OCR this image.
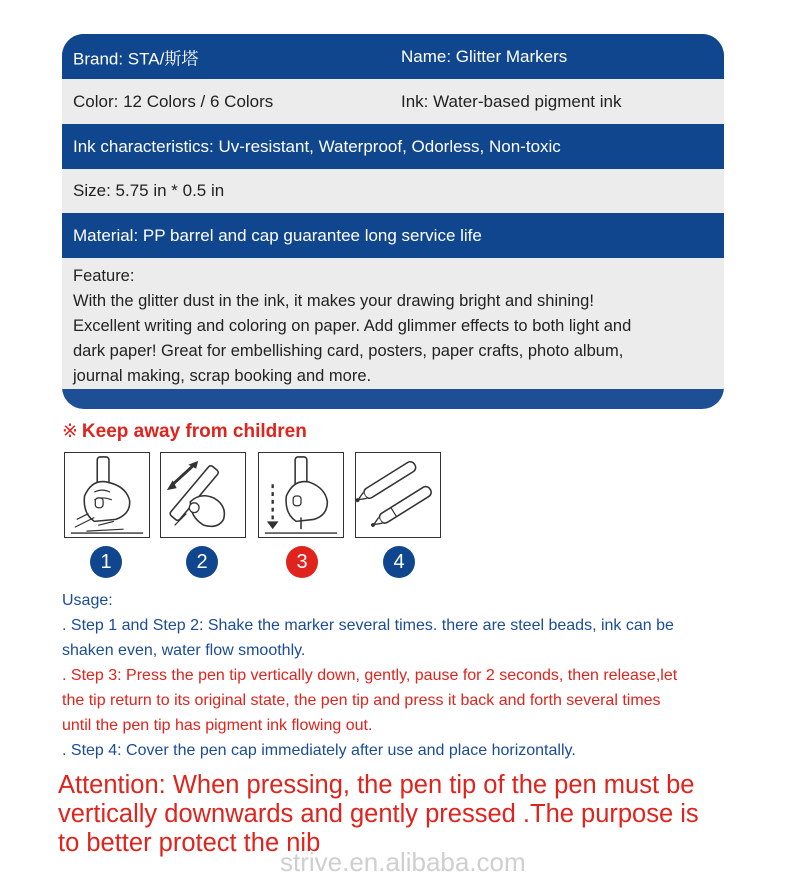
Brand: STA/斯塔	Name: Glitter Markers
Color: 12 Colors / 6 Colors	Ink: Water-based pigment ink
Ink characteristics: Uv-resistant, Waterproof, Odorless, Non-toxic
Size: 5.75 in * 0.5 in
Material: PP barrel and cap guarantee long service life
Feature:
With the glitter dust in the ink, it makes your drawing bright and shining!
Excellent writing and coloring on paper. Add glimmer effects to both light and
dark paper! Great for embellishing card, posters, paper crafts, photo album,
journal making, scrap booking and more.
※ Keep away from children
1	2	3	4
Usage:
. Step 1 and Step 2: Shake the marker several times. there are steel beads, ink can be
shaken even, water flow smoothly.
. Step 3: Press the pen tip vertically down, gently, pause for 2 seconds, then release,let
the tip return to its original state, the pen tip and press it back and forth several times
until the pen tip has pigment ink flowing out.
. Step 4: Cover the pen cap immediately after use and place horizontally.
Attention: When pressing, the pen tip of the pen must be
vertically downwards and gently pressed .The purpose is
to better protect the nib
strive.en.alibaba.com
